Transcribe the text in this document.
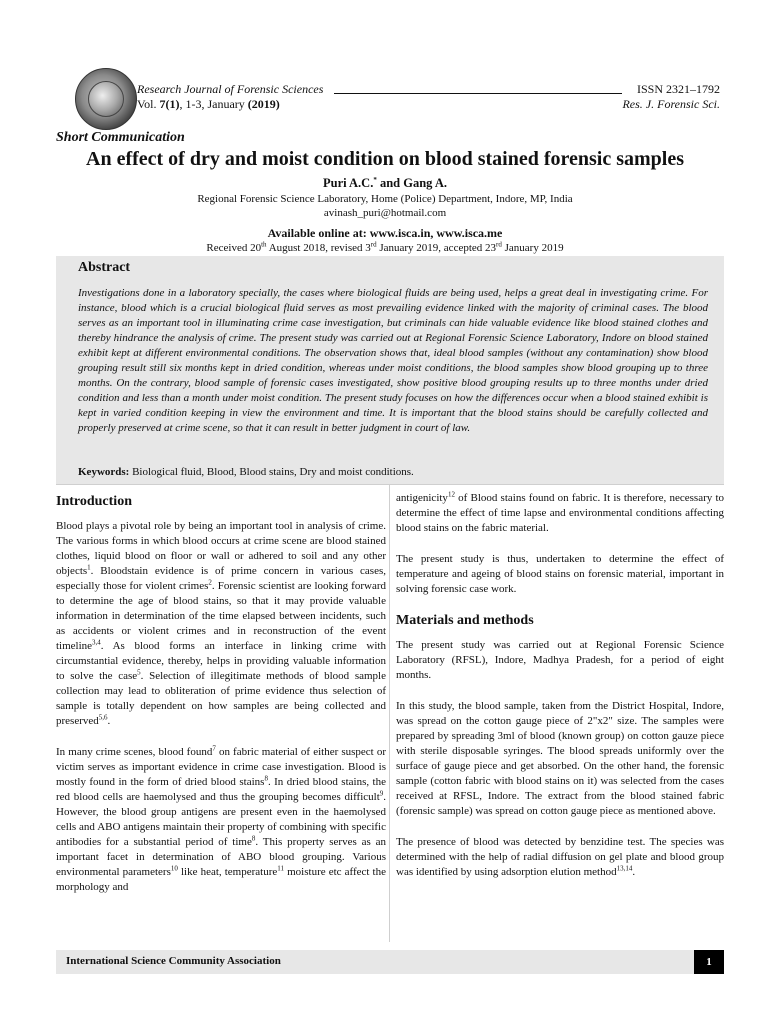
Research Journal of Forensic Sciences
Vol. 7(1), 1-3, January (2019)
ISSN 2321–1792
Res. J. Forensic Sci.
Short Communication
An effect of dry and moist condition on blood stained forensic samples
Puri A.C.* and Gang A.
Regional Forensic Science Laboratory, Home (Police) Department, Indore, MP, India
avinash_puri@hotmail.com
Available online at: www.isca.in, www.isca.me
Received 20th August 2018, revised 3rd January 2019, accepted 23rd January 2019
Abstract
Investigations done in a laboratory specially, the cases where biological fluids are being used, helps a great deal in investigating crime. For instance, blood which is a crucial biological fluid serves as most prevailing evidence linked with the majority of criminal cases. The blood serves as an important tool in illuminating crime case investigation, but criminals can hide valuable evidence like blood stained clothes and thereby hindrance the analysis of crime. The present study was carried out at Regional Forensic Science Laboratory, Indore on blood stained exhibit kept at different environmental conditions. The observation shows that, ideal blood samples (without any contamination) show blood grouping result still six months kept in dried condition, whereas under moist conditions, the blood samples show blood grouping up to three months. On the contrary, blood sample of forensic cases investigated, show positive blood grouping results up to three months under dried condition and less than a month under moist condition. The present study focuses on how the differences occur when a blood stained exhibit is kept in varied condition keeping in view the environment and time. It is important that the blood stains should be carefully collected and properly preserved at crime scene, so that it can result in better judgment in court of law.
Keywords: Biological fluid, Blood, Blood stains, Dry and moist conditions.
Introduction

Blood plays a pivotal role by being an important tool in analysis of crime. The various forms in which blood occurs at crime scene are blood stained clothes, liquid blood on floor or wall or adhered to soil and any other objects$^1$. Bloodstain evidence is of prime concern in various cases, especially those for violent crimes$^2$. Forensic scientist are looking forward to determine the age of blood stains, so that it may provide valuable information in determination of the time elapsed between incidents, such as accidents or violent crimes and in reconstruction of the event timeline$^{3,4}$. As blood forms an interface in linking crime with circumstantial evidence, thereby, helps in providing valuable information to solve the case$^5$. Selection of illegitimate methods of blood sample collection may lead to obliteration of prime evidence thus selection of sample is totally dependent on how samples are being collected and preserved$^{5,6}$.

In many crime scenes, blood found$^7$ on fabric material of either suspect or victim serves as important evidence in crime case investigation. Blood is mostly found in the form of dried blood stains$^8$. In dried blood stains, the red blood cells are haemolysed and thus the grouping becomes difficult$^9$. However, the blood group antigens are present even in the haemolysed cells and ABO antigens maintain their property of combining with specific antibodies for a substantial period of time$^8$. This property serves as an important facet in determination of ABO blood grouping. Various environmental parameters$^{10}$ like heat, temperature$^{11}$ moisture etc affect the morphology and

antigenicity$^{12}$ of Blood stains found on fabric. It is therefore, necessary to determine the effect of time lapse and environmental conditions affecting blood stains on the fabric material.

The present study is thus, undertaken to determine the effect of temperature and ageing of blood stains on forensic material, important in solving forensic case work.

Materials and methods

The present study was carried out at Regional Forensic Science Laboratory (RFSL), Indore, Madhya Pradesh, for a period of eight months.

In this study, the blood sample, taken from the District Hospital, Indore, was spread on the cotton gauge piece of 2"x2" size. The samples were prepared by spreading 3ml of blood (known group) on cotton gauze piece with sterile disposable syringes. The blood spreads uniformly over the surface of gauge piece and get absorbed. On the other hand, the forensic sample (cotton fabric with blood stains on it) was selected from the cases received at RFSL, Indore. The extract from the blood stained fabric (forensic sample) was spread on cotton gauge piece as mentioned above.

The presence of blood was detected by benzidine test. The species was determined with the help of radial diffusion on gel plate and blood group was identified by using adsorption elution method$^{13,14}$.

International Science Community Association	1
